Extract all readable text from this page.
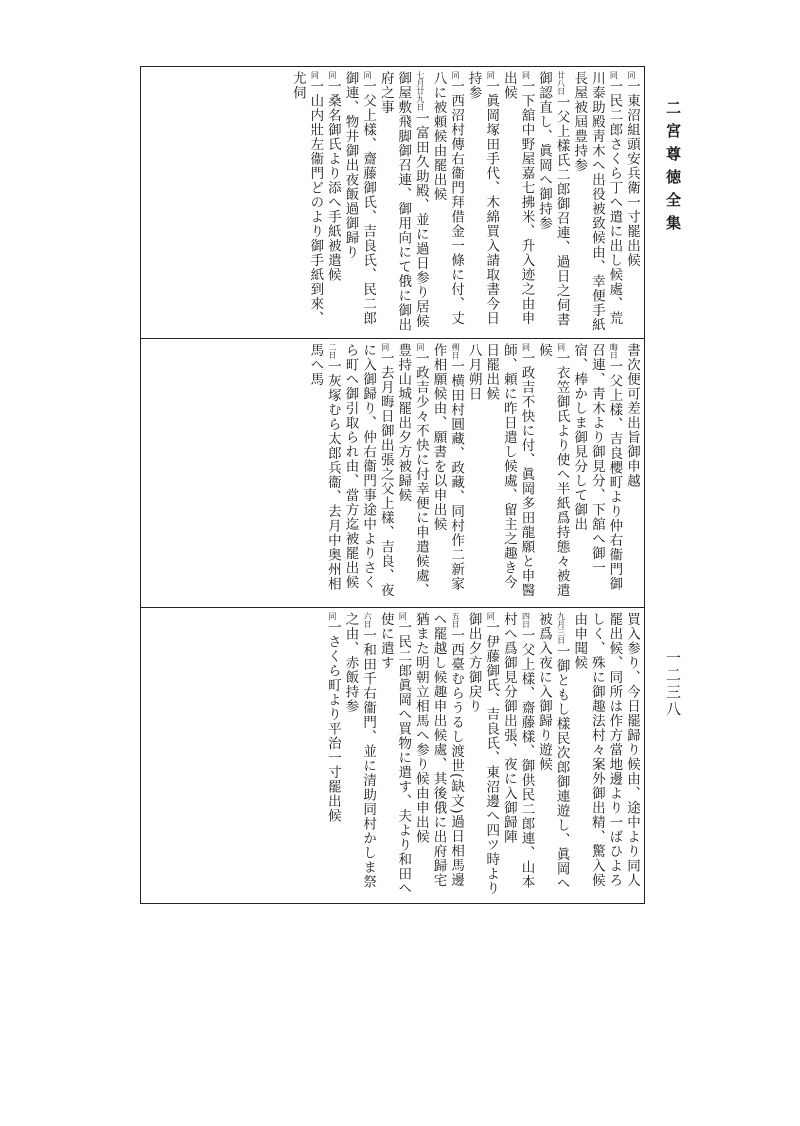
二宮尊徳全集
一二三八

同一東沼組頭安兵衛一寸罷出候

同一民二郎さくら丁へ遣に出し候處、荒川泰助殿靑木へ出役被致候由、幸便手紙長屋被屆豊持参

廿八日一父上樣氏二郎御召連、過日之伺書御認直し、眞岡へ御持参

同一下舘中野屋嘉七拂米、升入迹之由申出候

同一眞岡塚田手代、木綿買入請取書今日持参

同一西沼村傳右衞門拜借金一條に付、丈八に被頼候由罷出候

七月廿九日一富田久助殿、並に過日参り居候御屋敷飛脚御召連、御用向にて俄に御出府之事

同一父上樣、齋藤御氏、吉良氏、民二郎御連、物井御出夜飯過御歸り

同一桑名御氏より添へ手紙被遣候

同一山内壯左衞門どのより御手紙到來、尤伺

書次便可差出旨御申越

晦日一父上樣、吉良櫻町より仲右衞門御召連、靑木より御見分、下舘へ御一宿、棒かしま御見分して御出

同一衣笠御氏より使へ半紙爲持態々被遣候

同一政吉不快に付、眞岡多田龍願と申醫師、頼に昨日遣し候處、留主之趣き今日罷出候

八月朔日

朔日一横田村圓藏、政藏、同村作二新家作相願候由、願書を以申出候

同一政吉少々不快に付幸便に申遣候處、豊持山城罷出夕方被歸候

同一去月晦日御出張之父上樣、吉良、夜に入御歸り、仲右衞門事途中よりさくら町へ御引取られ由、當方迄被罷出候

二日一灰塚むら太郎兵衞、去月中奥州相馬へ馬

買入参り、今日罷歸り候由、途中より同人罷出候、同所は作方當地邊より一ばひよろしく、殊に御趣法村々案外御出精、驚入候由申聞候

九月三日一御ともし樣民次郎御連遊し、眞岡へ被爲入夜に入御歸り遊候

四日一父上樣、齋藤樣、御供民二郎連、山本村へ爲御見分御出張、夜に入御歸陣

同一伊藤御氏、吉良氏、東沼邊へ四ツ時より御出夕方御戻り

五日一西臺むらうるし渡世(缺文)過日相馬邊へ罷越し候趣申出候處、其後俄に出府歸宅猶また明朝立相馬へ参り候由申出候

同一民二郎眞岡へ買物に遣す、夫より和田へ使に遣す

六日一和田千右衞門、並に清助同村かしま祭之由、赤飯持参

同一さくら町より平治一寸罷出候
